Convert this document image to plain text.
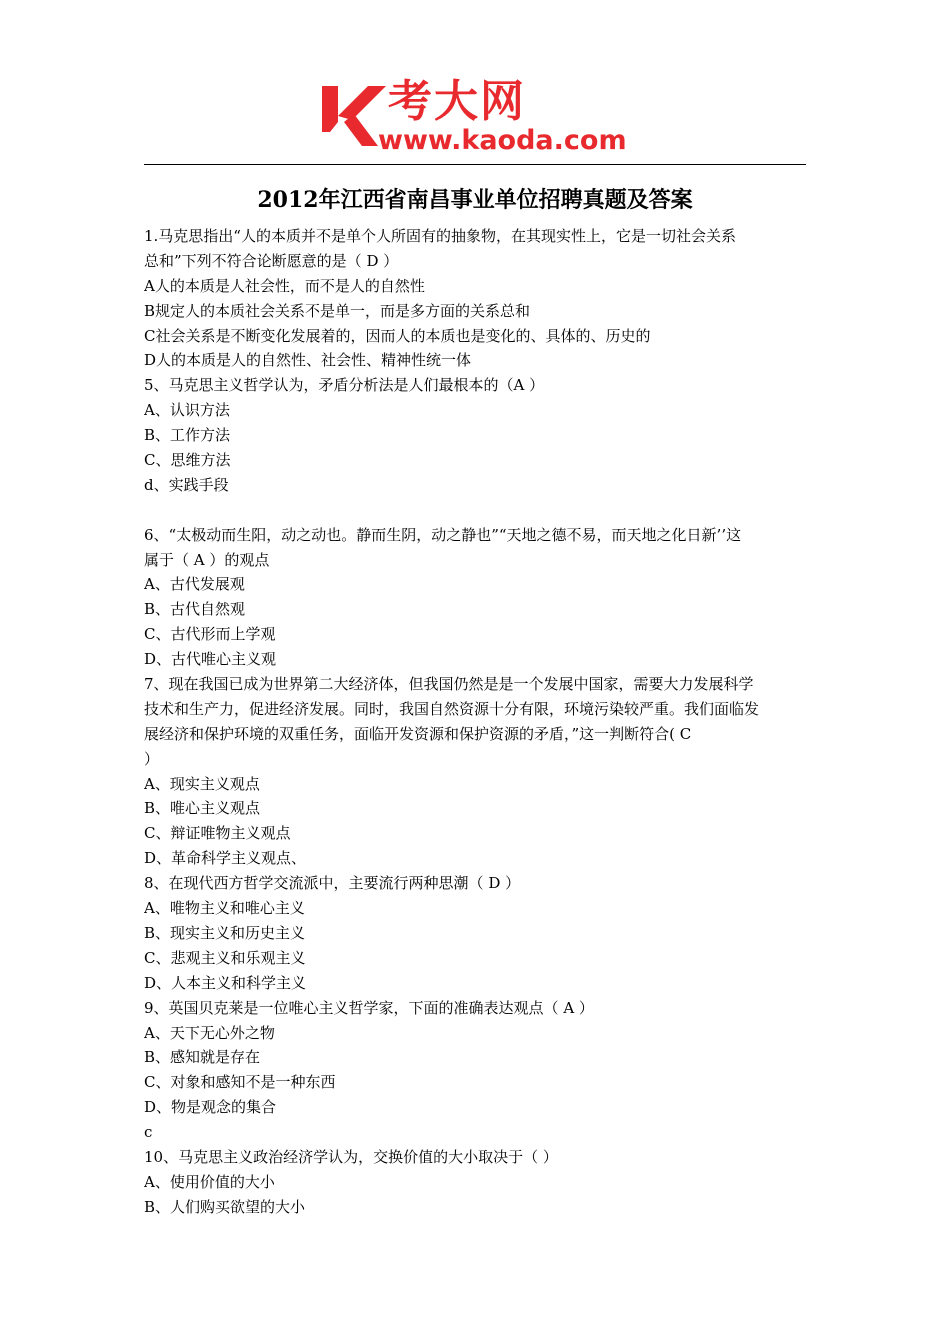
考大网
www.kaoda.com
2012年江西省南昌事业单位招聘真题及答案
1.马克思指出“人的本质并不是单个人所固有的抽象物，在其现实性上，它是一切社会关系
总和”下列不符合论断愿意的是（ D ）
A人的本质是人社会性，而不是人的自然性
B规定人的本质社会关系不是单一，而是多方面的关系总和
C社会关系是不断变化发展着的，因而人的本质也是变化的、具体的、历史的
D人的本质是人的自然性、社会性、精神性统一体
5、马克思主义哲学认为，矛盾分析法是人们最根本的（A ）
A、认识方法
B、工作方法
C、思维方法
d、实践手段
6、“太极动而生阳，动之动也。静而生阴，动之静也”“天地之德不易，而天地之化日新’’这
属于（ A ）的观点
A、古代发展观
B、古代自然观
C、古代形而上学观
D、古代唯心主义观
7、现在我国已成为世界第二大经济体，但我国仍然是是一个发展中国家，需要大力发展科学
技术和生产力，促进经济发展。同时，我国自然资源十分有限，环境污染较严重。我们面临发
展经济和保护环境的双重任务，面临开发资源和保护资源的矛盾，”这一判断符合( C
）
A、现实主义观点
B、唯心主义观点
C、辩证唯物主义观点
D、革命科学主义观点、
8、在现代西方哲学交流派中，主要流行两种思潮（ D ）
A、唯物主义和唯心主义
B、现实主义和历史主义
C、悲观主义和乐观主义
D、人本主义和科学主义
9、英国贝克莱是一位唯心主义哲学家，下面的准确表达观点（ A ）
A、天下无心外之物
B、感知就是存在
C、对象和感知不是一种东西
D、物是观念的集合
c
10、马克思主义政治经济学认为，交换价值的大小取决于（ ）
A、使用价值的大小
B、人们购买欲望的大小
